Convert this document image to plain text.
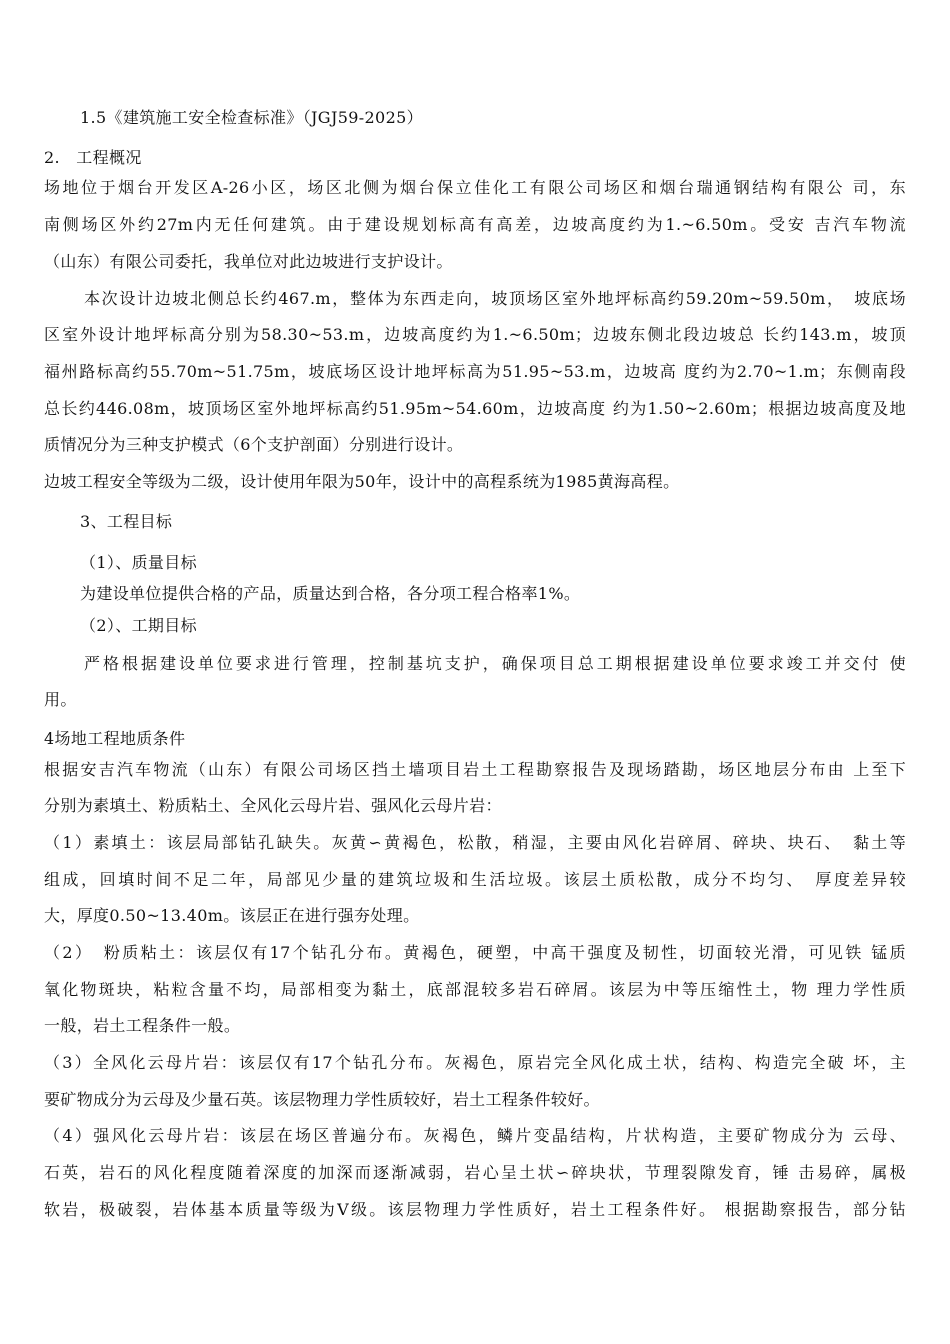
1.5《建筑施工安全检查标准》（JGJ59-2025）
2.   工程概况
场地位于烟台开发区A-26小区，场区北侧为烟台保立佳化工有限公司场区和烟台瑞通钢结构有限公 司，东
南侧场区外约27m内无任何建筑。由于建设规划标高有高差，边坡高度约为1.~6.50m。受安 吉汽车物流
（山东）有限公司委托，我单位对此边坡进行支护设计。
本次设计边坡北侧总长约467.m，整体为东西走向，坡顶场区室外地坪标高约59.20m~59.50m，　坡底场
区室外设计地坪标高分别为58.30~53.m，边坡高度约为1.~6.50m；边坡东侧北段边坡总 长约143.m，坡顶
福州路标高约55.70m~51.75m，坡底场区设计地坪标高为51.95~53.m，边坡高 度约为2.70~1.m；东侧南段
总长约446.08m，坡顶场区室外地坪标高约51.95m~54.60m，边坡高度 约为1.50~2.60m；根据边坡高度及地
质情况分为三种支护模式（6个支护剖面）分别进行设计。
边坡工程安全等级为二级，设计使用年限为50年，设计中的高程系统为1985黄海高程。
3、工程目标
（1）、质量目标
为建设单位提供合格的产品，质量达到合格，各分项工程合格率1%。
（2）、工期目标
严格根据建设单位要求进行管理，控制基坑支护，确保项目总工期根据建设单位要求竣工并交付 使
用。
4场地工程地质条件
根据安吉汽车物流（山东）有限公司场区挡土墙项目岩土工程勘察报告及现场踏勘，场区地层分布由 上至下
分别为素填土、粉质粘土、全风化云母片岩、强风化云母片岩：
（1）素填土：该层局部钻孔缺失。灰黄∽黄褐色，松散，稍湿，主要由风化岩碎屑、碎块、块石、　黏土等
组成，回填时间不足二年，局部见少量的建筑垃圾和生活垃圾。该层土质松散，成分不均匀、　厚度差异较
大，厚度0.50~13.40m。该层正在进行强夯处理。
（2）　粉质粘土：该层仅有17个钻孔分布。黄褐色，硬塑，中高干强度及韧性，切面较光滑，可见铁 锰质
氧化物斑块，粘粒含量不均，局部相变为黏土，底部混较多岩石碎屑。该层为中等压缩性土，物 理力学性质
一般，岩土工程条件一般。
（3）全风化云母片岩：该层仅有17个钻孔分布。灰褐色，原岩完全风化成土状，结构、构造完全破 坏，主
要矿物成分为云母及少量石英。该层物理力学性质较好，岩土工程条件较好。
（4）强风化云母片岩：该层在场区普遍分布。灰褐色，鳞片变晶结构，片状构造，主要矿物成分为 云母、
石英，岩石的风化程度随着深度的加深而逐渐减弱，岩心呈土状∽碎块状，节理裂隙发育，锤 击易碎，属极
软岩，极破裂，岩体基本质量等级为Ⅴ级。该层物理力学性质好，岩土工程条件好。 根据勘察报告，部分钻
